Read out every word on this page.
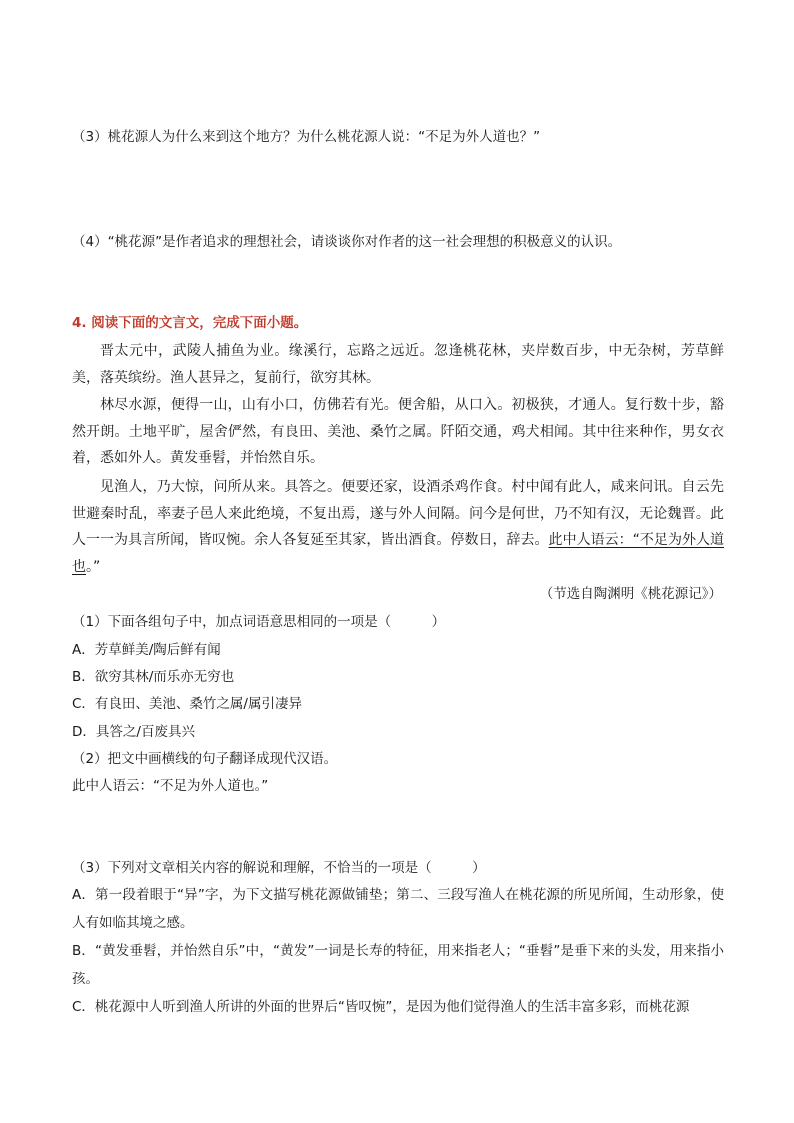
（3）桃花源人为什么来到这个地方？为什么桃花源人说：“不足为外人道也？”
（4）“桃花源”是作者追求的理想社会，请谈谈你对作者的这一社会理想的积极意义的认识。
4. 阅读下面的文言文，完成下面小题。
晋太元中，武陵人捕鱼为业。缘溪行，忘路之远近。忽逢桃花林，夹岸数百步，中无杂树，芳草鲜美，落英缤纷。渔人甚异之，复前行，欲穷其林。
林尽水源，便得一山，山有小口，仿佛若有光。便舍船，从口入。初极狭，才通人。复行数十步，豁然开朗。土地平旷，屋舍俨然，有良田、美池、桑竹之属。阡陌交通，鸡犬相闻。其中往来种作，男女衣着，悉如外人。黄发垂髫，并怡然自乐。
见渔人，乃大惊，问所从来。具答之。便要还家，设酒杀鸡作食。村中闻有此人，咸来问讯。自云先世避秦时乱，率妻子邑人来此绝境，不复出焉，遂与外人间隔。问今是何世，乃不知有汉，无论魏晋。此人一一为具言所闻，皆叹惋。余人各复延至其家，皆出酒食。停数日，辞去。此中人语云：“不足为外人道也。”
（节选自陶渊明《桃花源记》）
（1）下面各组句子中，加点词语意思相同的一项是（　　　）
A．芳草鲜美/陶后鲜有闻
B．欲穷其林/而乐亦无穷也
C．有良田、美池、桑竹之属/属引凄异
D．具答之/百废具兴
（2）把文中画横线的句子翻译成现代汉语。
此中人语云：“不足为外人道也。”
（3）下列对文章相关内容的解说和理解，不恰当的一项是（　　　）
A．第一段着眼于“异”字，为下文描写桃花源做铺垫；第二、三段写渔人在桃花源的所见所闻，生动形象，使人有如临其境之感。
B．“黄发垂髫，并怡然自乐”中，“黄发”一词是长寿的特征，用来指老人；“垂髫”是垂下来的头发，用来指小孩。
C．桃花源中人听到渔人所讲的外面的世界后“皆叹惋”，是因为他们觉得渔人的生活丰富多彩，而桃花源
